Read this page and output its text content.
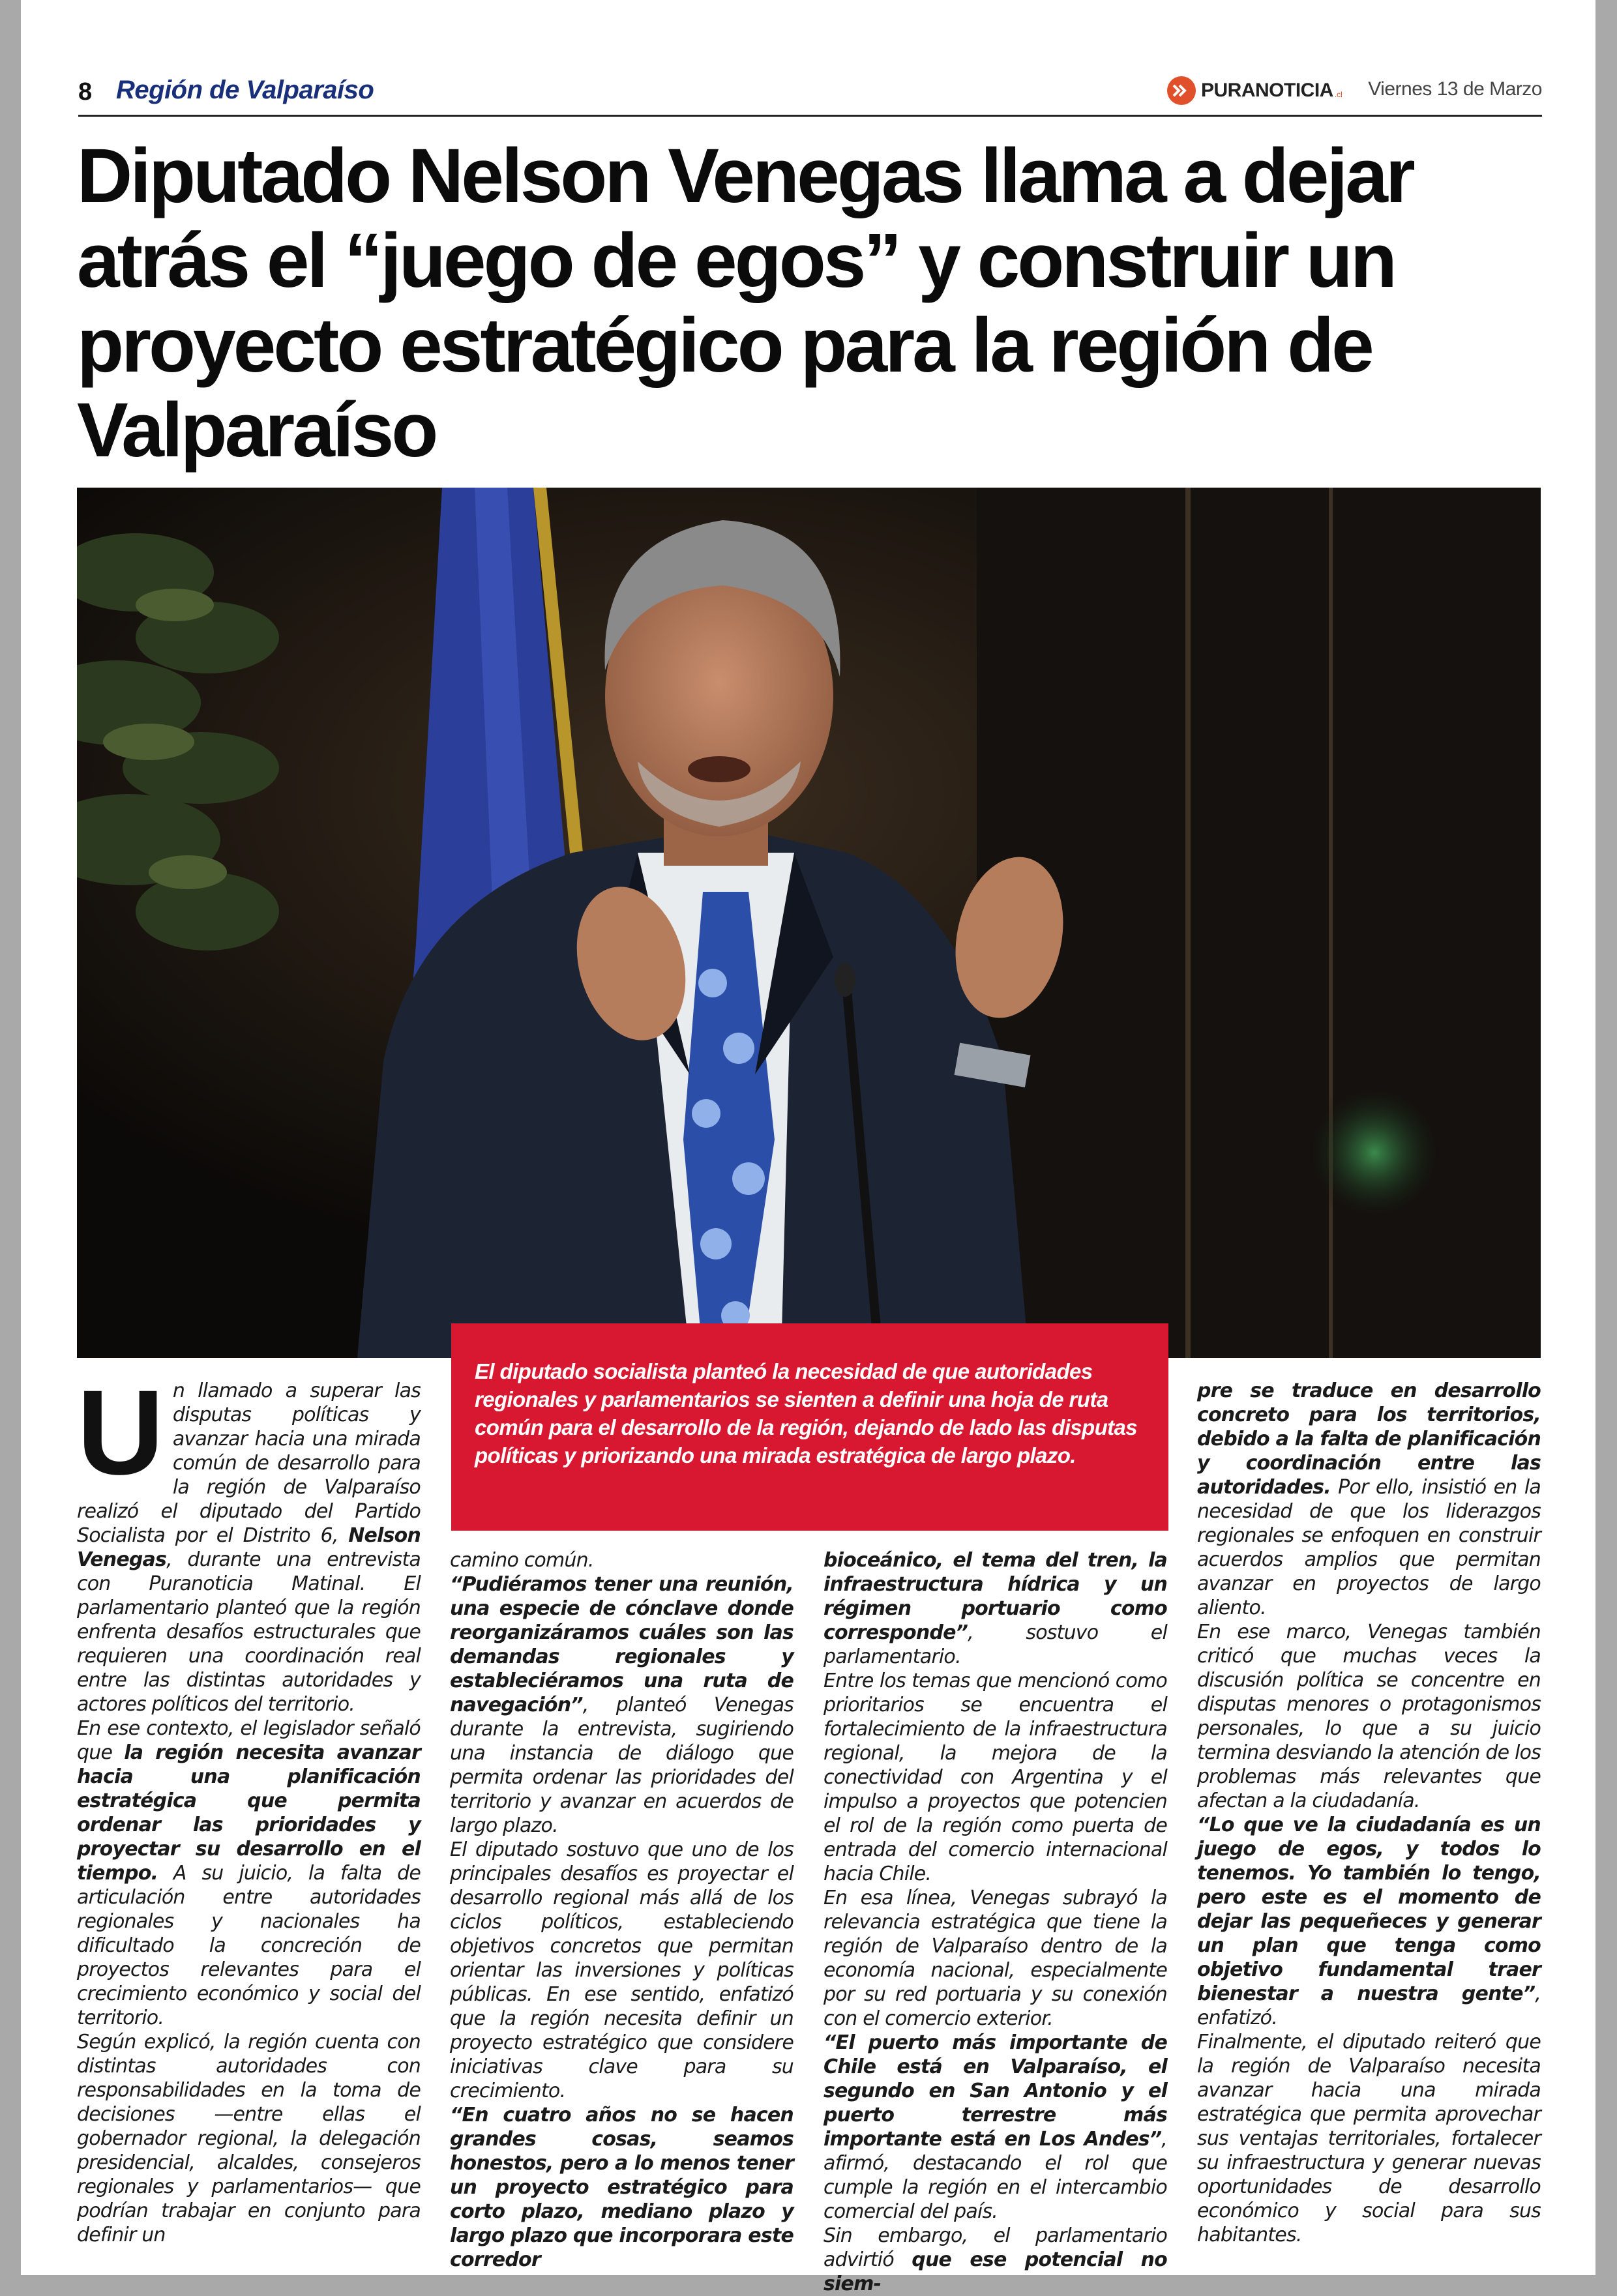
8 Región de Valparaíso	PURANOTICIA .cl Viernes 13 de Marzo
Diputado Nelson Venegas llama a dejar atrás el “juego de egos” y construir un proyecto estratégico para la región de Valparaíso
El diputado socialista planteó la necesidad de que autoridades regionales y parlamentarios se sienten a definir una hoja de ruta común para el desarrollo de la región, dejando de lado las disputas políticas y priorizando una mirada estratégica de largo plazo.

Un llamado a superar las disputas políticas y avanzar hacia una mirada común de desarrollo para la región de Valparaíso realizó el diputado del Partido Socialista por el Distrito 6, Nelson Venegas, durante una entrevista con Puranoticia Matinal. El parlamentario planteó que la región enfrenta desafíos estructurales que requieren una coordinación real entre las distintas autoridades y actores políticos del territorio.

En ese contexto, el legislador señaló que la región necesita avanzar hacia una planificación estratégica que permita ordenar las prioridades y proyectar su desarrollo en el tiempo. A su juicio, la falta de articulación entre autoridades regionales y nacionales ha dificultado la concreción de proyectos relevantes para el crecimiento económico y social del territorio.

Según explicó, la región cuenta con distintas autoridades con responsabilidades en la toma de decisiones —entre ellas el gobernador regional, la delegación presidencial, alcaldes, consejeros regionales y parlamentarios— que podrían trabajar en conjunto para definir un

camino común.

“Pudiéramos tener una reunión, una especie de cónclave donde reorganizáramos cuáles son las demandas regionales y estableciéramos una ruta de navegación”, planteó Venegas durante la entrevista, sugiriendo una instancia de diálogo que permita ordenar las prioridades del territorio y avanzar en acuerdos de largo plazo.

El diputado sostuvo que uno de los principales desafíos es proyectar el desarrollo regional más allá de los ciclos políticos, estableciendo objetivos concretos que permitan orientar las inversiones y políticas públicas. En ese sentido, enfatizó que la región necesita definir un proyecto estratégico que considere iniciativas clave para su crecimiento.

“En cuatro años no se hacen grandes cosas, seamos honestos, pero a lo menos tener un proyecto estratégico para corto plazo, mediano plazo y largo plazo que incorporara este corredor

bioceánico, el tema del tren, la infraestructura hídrica y un régimen portuario como corresponde”, sostuvo el parlamentario.

Entre los temas que mencionó como prioritarios se encuentra el fortalecimiento de la infraestructura regional, la mejora de la conectividad con Argentina y el impulso a proyectos que potencien el rol de la región como puerta de entrada del comercio internacional hacia Chile.

En esa línea, Venegas subrayó la relevancia estratégica que tiene la región de Valparaíso dentro de la economía nacional, especialmente por su red portuaria y su conexión con el comercio exterior.

“El puerto más importante de Chile está en Valparaíso, el segundo en San Antonio y el puerto terrestre más importante está en Los Andes”, afirmó, destacando el rol que cumple la región en el intercambio comercial del país.

Sin embargo, el parlamentario advirtió que ese potencial no siem-

pre se traduce en desarrollo concreto para los territorios, debido a la falta de planificación y coordinación entre las autoridades. Por ello, insistió en la necesidad de que los liderazgos regionales se enfoquen en construir acuerdos amplios que permitan avanzar en proyectos de largo aliento.

En ese marco, Venegas también criticó que muchas veces la discusión política se concentre en disputas menores o protagonismos personales, lo que a su juicio termina desviando la atención de los problemas más relevantes que afectan a la ciudadanía.

“Lo que ve la ciudadanía es un juego de egos, y todos lo tenemos. Yo también lo tengo, pero este es el momento de dejar las pequeñeces y generar un plan que tenga como objetivo fundamental traer bienestar a nuestra gente”, enfatizó.

Finalmente, el diputado reiteró que la región de Valparaíso necesita avanzar hacia una mirada estratégica que permita aprovechar sus ventajas territoriales, fortalecer su infraestructura y generar nuevas oportunidades de desarrollo económico y social para sus habitantes.
